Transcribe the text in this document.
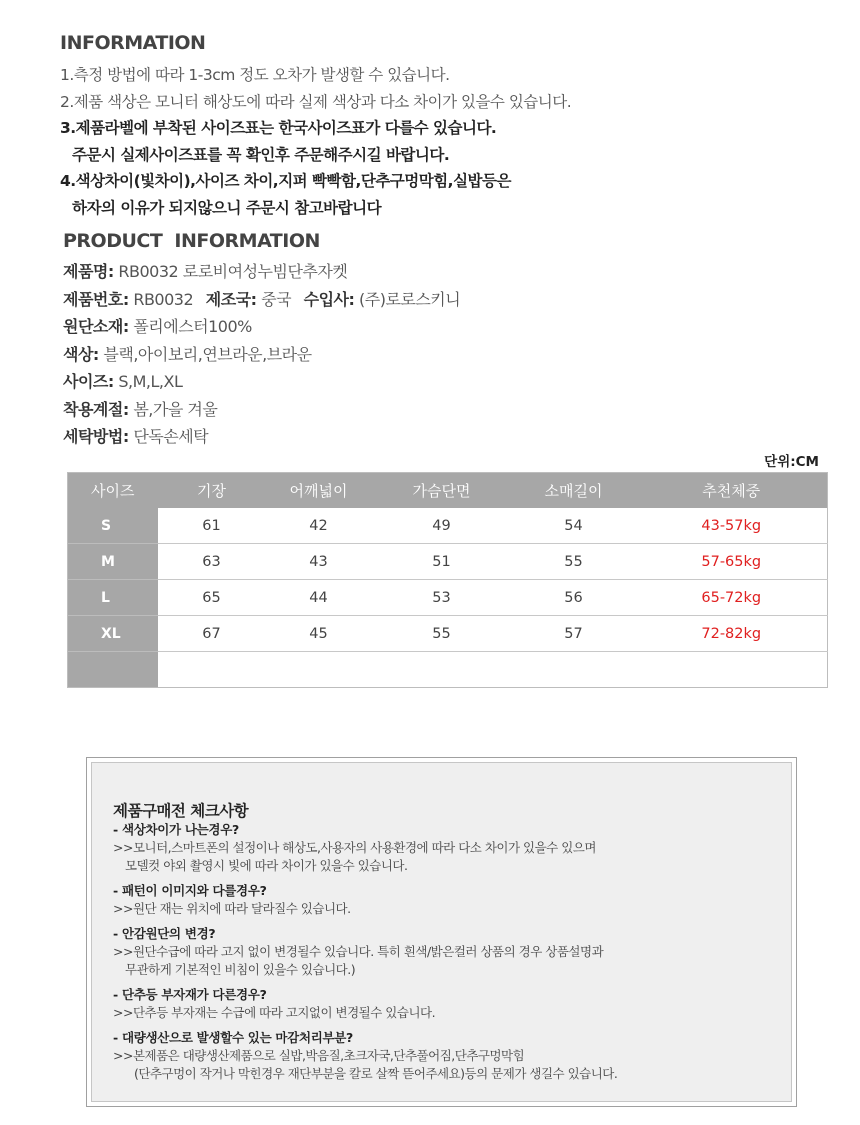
INFORMATION
1.측정 방법에 따라 1-3cm 정도 오차가 발생할 수 있습니다.
2.제품 색상은 모니터 해상도에 따라 실제 색상과 다소 차이가 있을수 있습니다.
3.제품라벨에 부착된 사이즈표는 한국사이즈표가 다를수 있습니다.
주문시 실제사이즈표를 꼭 확인후 주문해주시길 바랍니다.
4.색상차이(빛차이),사이즈 차이,지퍼 빡빡함,단추구멍막힘,실밥등은
하자의 이유가 되지않으니 주문시 참고바랍니다
PRODUCT INFORMATION
제품명: RB0032 로로비여성누빔단추자켓
제품번호: RB0032 제조국: 중국 수입사: (주)로로스키니
원단소재: 폴리에스터100%
색상: 블랙,아이보리,연브라운,브라운
사이즈: S,M,L,XL
착용계절: 봄,가을 겨울
세탁방법: 단독손세탁
단위:CM
사이즈	기장	어깨넓이	가슴단면	소매길이	추천체중
S	61	42	49	54	43-57kg
M	63	43	51	55	57-65kg
L	65	44	53	56	65-72kg
XL	67	45	55	57	72-82kg

제품구매전 체크사항
- 색상차이가 나는경우?
>>모니터,스마트폰의 설정이나 해상도,사용자의 사용환경에 따라 다소 차이가 있을수 있으며
모델컷 야외 촬영시 빛에 따라 차이가 있을수 있습니다.
- 패턴이 이미지와 다를경우?
>>원단 재는 위치에 따라 달라질수 있습니다.
- 안감원단의 변경?
>>원단수급에 따라 고지 없이 변경될수 있습니다. 특히 흰색/밝은컬러 상품의 경우 상품설명과
무관하게 기본적인 비침이 있을수 있습니다.)
- 단추등 부자재가 다른경우?
>>단추등 부자재는 수급에 따라 고지없이 변경될수 있습니다.
- 대량생산으로 발생할수 있는 마감처리부분?
>>본제품은 대량생산제품으로 실밥,박음질,초크자국,단추풀어짐,단추구멍막힘
(단추구멍이 작거나 막힌경우 재단부분을 칼로 살짝 뜯어주세요)등의 문제가 생길수 있습니다.
